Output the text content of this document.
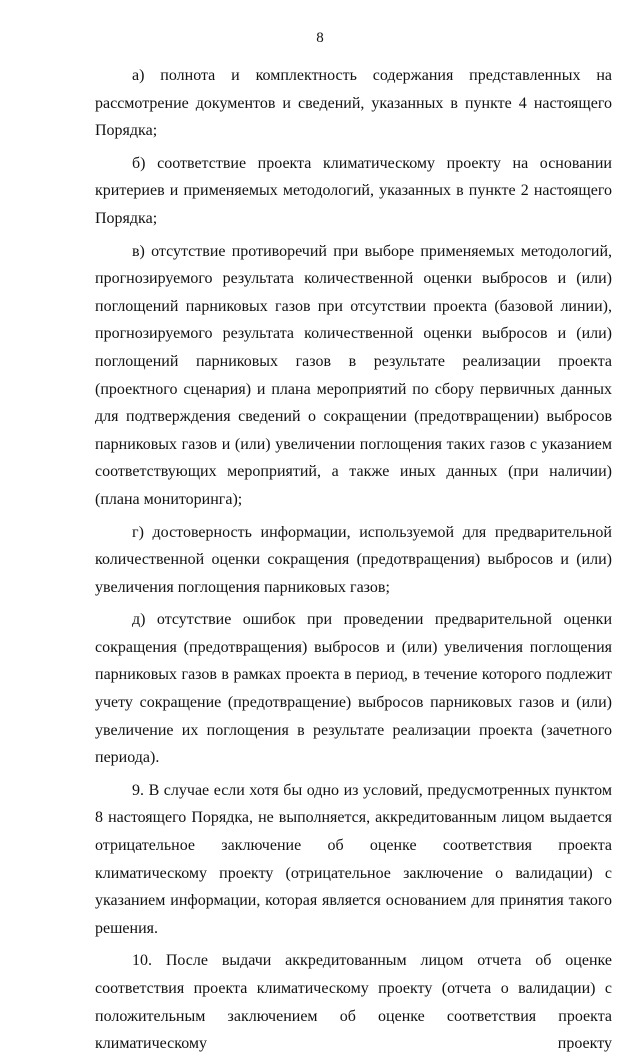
8

а) полнота и комплектность содержания представленных на рассмотрение документов и сведений, указанных в пункте 4 настоящего Порядка;

б) соответствие проекта климатическому проекту на основании критериев и применяемых методологий, указанных в пункте 2 настоящего Порядка;

в) отсутствие противоречий при выборе применяемых методологий, прогнозируемого результата количественной оценки выбросов и (или) поглощений парниковых газов при отсутствии проекта (базовой линии), прогнозируемого результата количественной оценки выбросов и (или) поглощений парниковых газов в результате реализации проекта (проектного сценария) и плана мероприятий по сбору первичных данных для подтверждения сведений о сокращении (предотвращении) выбросов парниковых газов и (или) увеличении поглощения таких газов с указанием соответствующих мероприятий, а также иных данных (при наличии) (плана мониторинга);

г) достоверность информации, используемой для предварительной количественной оценки сокращения (предотвращения) выбросов и (или) увеличения поглощения парниковых газов;

д) отсутствие ошибок при проведении предварительной оценки сокращения (предотвращения) выбросов и (или) увеличения поглощения парниковых газов в рамках проекта в период, в течение которого подлежит учету сокращение (предотвращение) выбросов парниковых газов и (или) увеличение их поглощения в результате реализации проекта (зачетного периода).

9. В случае если хотя бы одно из условий, предусмотренных пунктом 8 настоящего Порядка, не выполняется, аккредитованным лицом выдается отрицательное заключение об оценке соответствия проекта климатическому проекту (отрицательное заключение о валидации) с указанием информации, которая является основанием для принятия такого решения.

10. После выдачи аккредитованным лицом отчета об оценке соответствия проекта климатическому проекту (отчета о валидации) с положительным заключением об оценке соответствия проекта климатическому проекту
